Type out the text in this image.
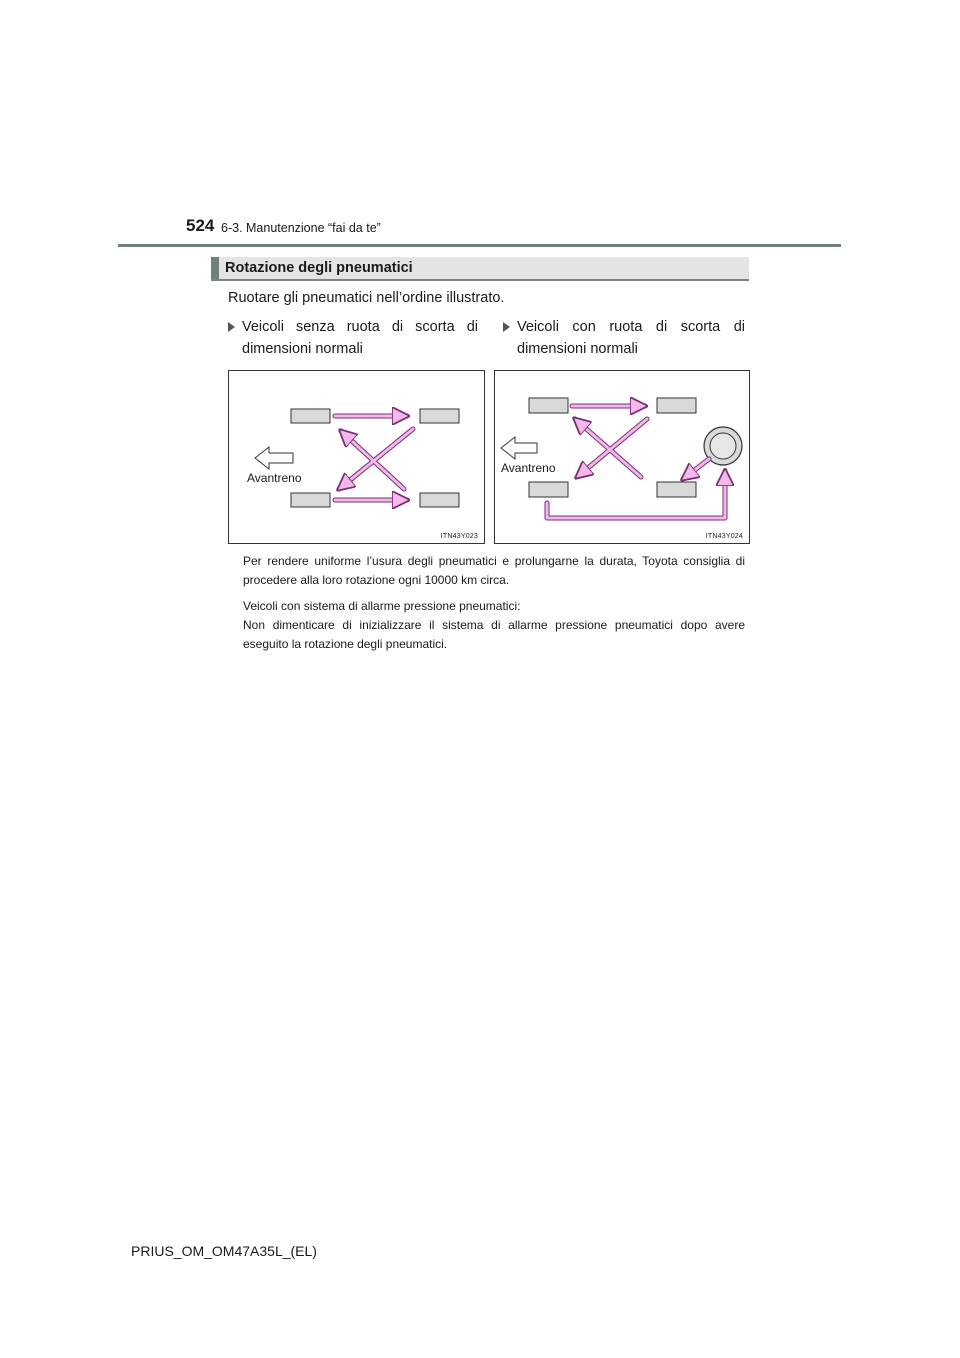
524 6-3. Manutenzione “fai da te”
Rotazione degli pneumatici
Ruotare gli pneumatici nell’ordine illustrato.
Veicoli senza ruota di scorta di
dimensioni normali
Veicoli con ruota di scorta di
dimensioni normali
Avantreno
ITN43Y023
Avantreno
ITN43Y024
Per rendere uniforme l’usura degli pneumatici e prolungarne la durata, Toyota consiglia di procedere alla loro rotazione ogni 10000 km circa.
Veicoli con sistema di allarme pressione pneumatici:
Non dimenticare di inizializzare il sistema di allarme pressione pneumatici dopo avere eseguito la rotazione degli pneumatici.
PRIUS_OM_OM47A35L_(EL)
